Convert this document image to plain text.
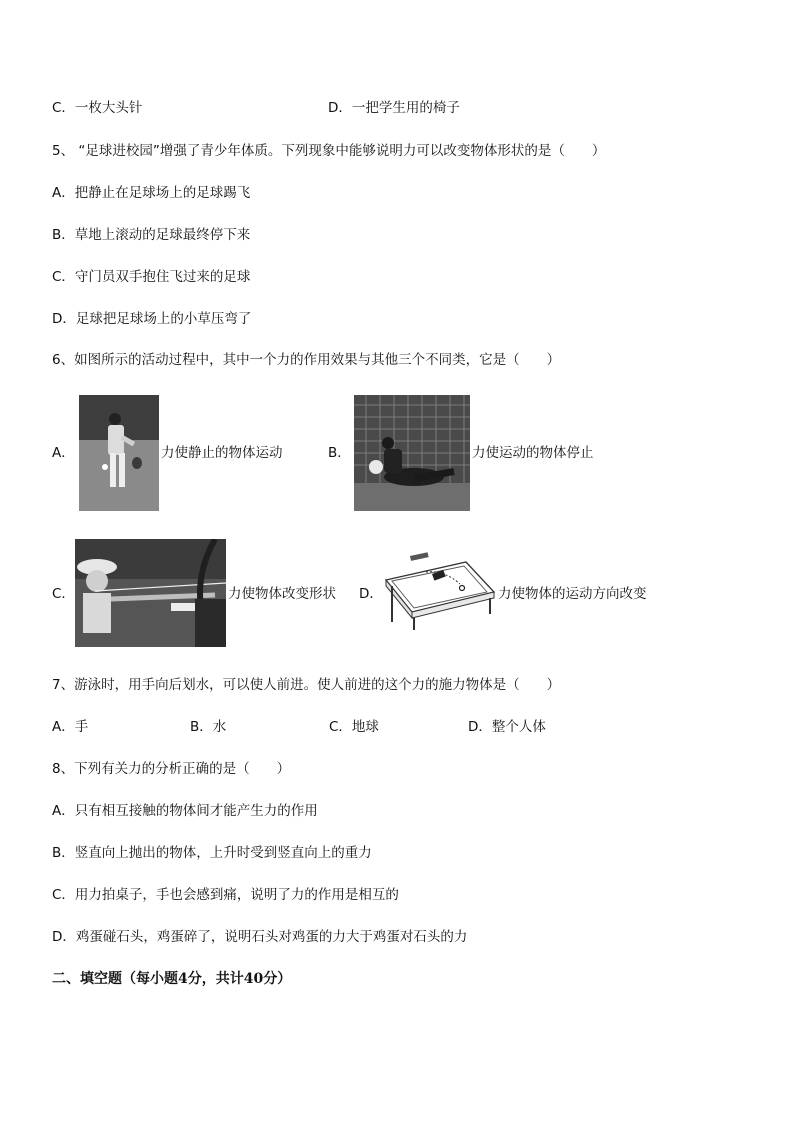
C．一枚大头针	D．一把学生用的椅子
5、 “足球进校园”增强了青少年体质。下列现象中能够说明力可以改变物体形状的是（　　）
A．把静止在足球场上的足球踢飞
B．草地上滚动的足球最终停下来
C．守门员双手抱住飞过来的足球
D．足球把足球场上的小草压弯了
6、如图所示的活动过程中，其中一个力的作用效果与其他三个不同类，它是（　　）
A．	力使静止的物体运动	B．	力使运动的物体停止
C．	力使物体改变形状 D．	力使物体的运动方向改变
7、游泳时，用手向后划水，可以使人前进。使人前进的这个力的施力物体是（　　）
A．手	B．水	C．地球	D．整个人体
8、下列有关力的分析正确的是（　　）
A．只有相互接触的物体间才能产生力的作用
B．竖直向上抛出的物体，上升时受到竖直向上的重力
C．用力拍桌子，手也会感到痛，说明了力的作用是相互的
D．鸡蛋碰石头，鸡蛋碎了，说明石头对鸡蛋的力大于鸡蛋对石头的力
二、填空题（每小题4分，共计40分）
